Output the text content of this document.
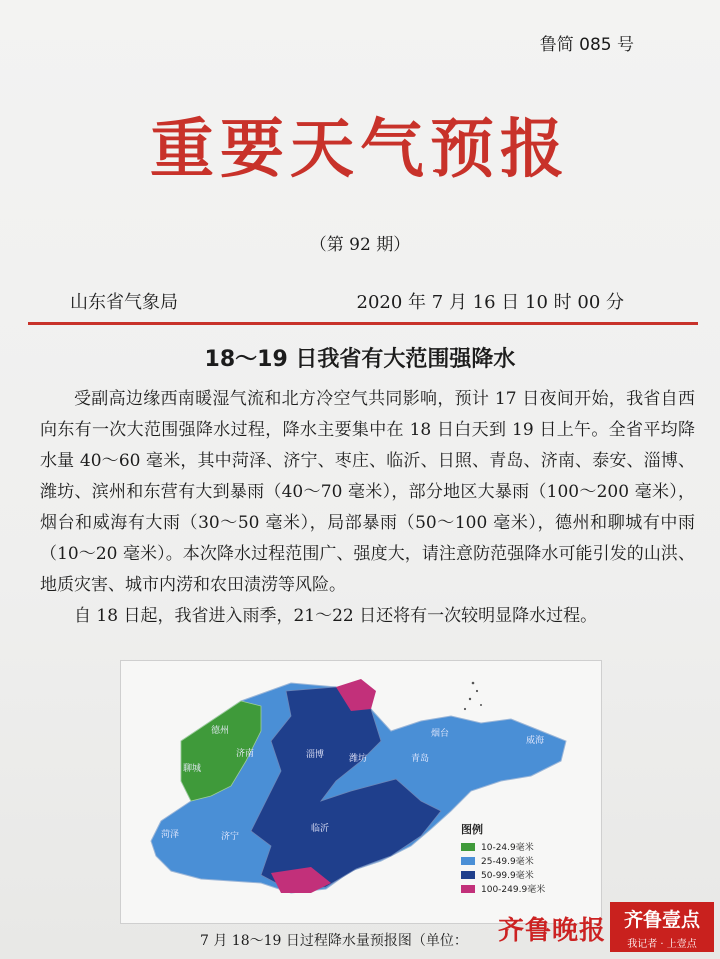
鲁简 085 号
重要天气预报
（第 92 期）
山东省气象局	2020 年 7 月 16 日 10 时 00 分
18～19 日我省有大范围强降水

受副高边缘西南暖湿气流和北方冷空气共同影响，预计 17 日夜间开始，我省自西向东有一次大范围强降水过程，降水主要集中在 18 日白天到 19 日上午。全省平均降水量 40～60 毫米，其中菏泽、济宁、枣庄、临沂、日照、青岛、济南、泰安、淄博、潍坊、滨州和东营有大到暴雨（40～70 毫米），部分地区大暴雨（100～200 毫米），烟台和威海有大雨（30～50 毫米），局部暴雨（50～100 毫米），德州和聊城有中雨（10～20 毫米）。本次降水过程范围广、强度大，请注意防范强降水可能引发的山洪、地质灾害、城市内涝和农田渍涝等风险。

自 18 日起，我省进入雨季，21～22 日还将有一次较明显降水过程。

德州
聊城
济南	淄博	潍坊	青岛
烟台
威海
菏泽	济宁
临沂	图例
10-24.9毫米
25-49.9毫米
50-99.9毫米
100-249.9毫米
7 月 18～19 日过程降水量预报图（单位： 齐鲁晚报 齐鲁壹点
我记者 · 上壹点
